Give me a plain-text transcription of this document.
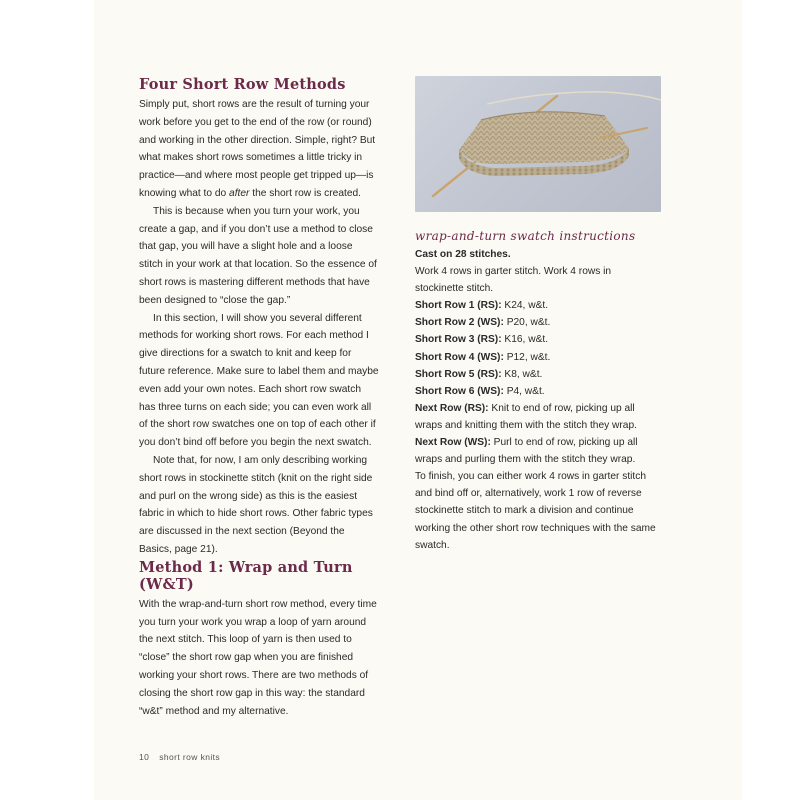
Four Short Row Methods

Simply put, short rows are the result of turning your work before you get to the end of the row (or round) and working in the other direction. Simple, right? But what makes short rows sometimes a little tricky in practice—and where most people get tripped up—is knowing what to do after the short row is created.

This is because when you turn your work, you create a gap, and if you don’t use a method to close that gap, you will have a slight hole and a loose stitch in your work at that location. So the essence of short rows is mastering different methods that have been designed to “close the gap.”

In this section, I will show you several different methods for working short rows. For each method I give directions for a swatch to knit and keep for future reference. Make sure to label them and maybe even add your own notes. Each short row swatch has three turns on each side; you can even work all of the short row swatches one on top of each other if you don’t bind off before you begin the next swatch.

Note that, for now, I am only describing working short rows in stockinette stitch (knit on the right side and purl on the wrong side) as this is the easiest fabric in which to hide short rows. Other fabric types are discussed in the next section (Beyond the Basics, page 21).

Method 1: Wrap and Turn (W&T)

With the wrap-and-turn short row method, every time you turn your work you wrap a loop of yarn around the next stitch. This loop of yarn is then used to “close” the short row gap when you are finished working your short rows. There are two methods of closing the short row gap in this way: the standard “w&t” method and my alternative.

wrap-and-turn swatch instructions

Cast on 28 stitches.

Work 4 rows in garter stitch. Work 4 rows in stockinette stitch.

Short Row 1 (RS): K24, w&t.

Short Row 2 (WS): P20, w&t.

Short Row 3 (RS): K16, w&t.

Short Row 4 (WS): P12, w&t.

Short Row 5 (RS): K8, w&t.

Short Row 6 (WS): P4, w&t.

Next Row (RS): Knit to end of row, picking up all wraps and knitting them with the stitch they wrap.

Next Row (WS): Purl to end of row, picking up all wraps and purling them with the stitch they wrap.

To finish, you can either work 4 rows in garter stitch and bind off or, alternatively, work 1 row of reverse stockinette stitch to mark a division and continue working the other short row techniques with the same swatch.

10 short row knits
